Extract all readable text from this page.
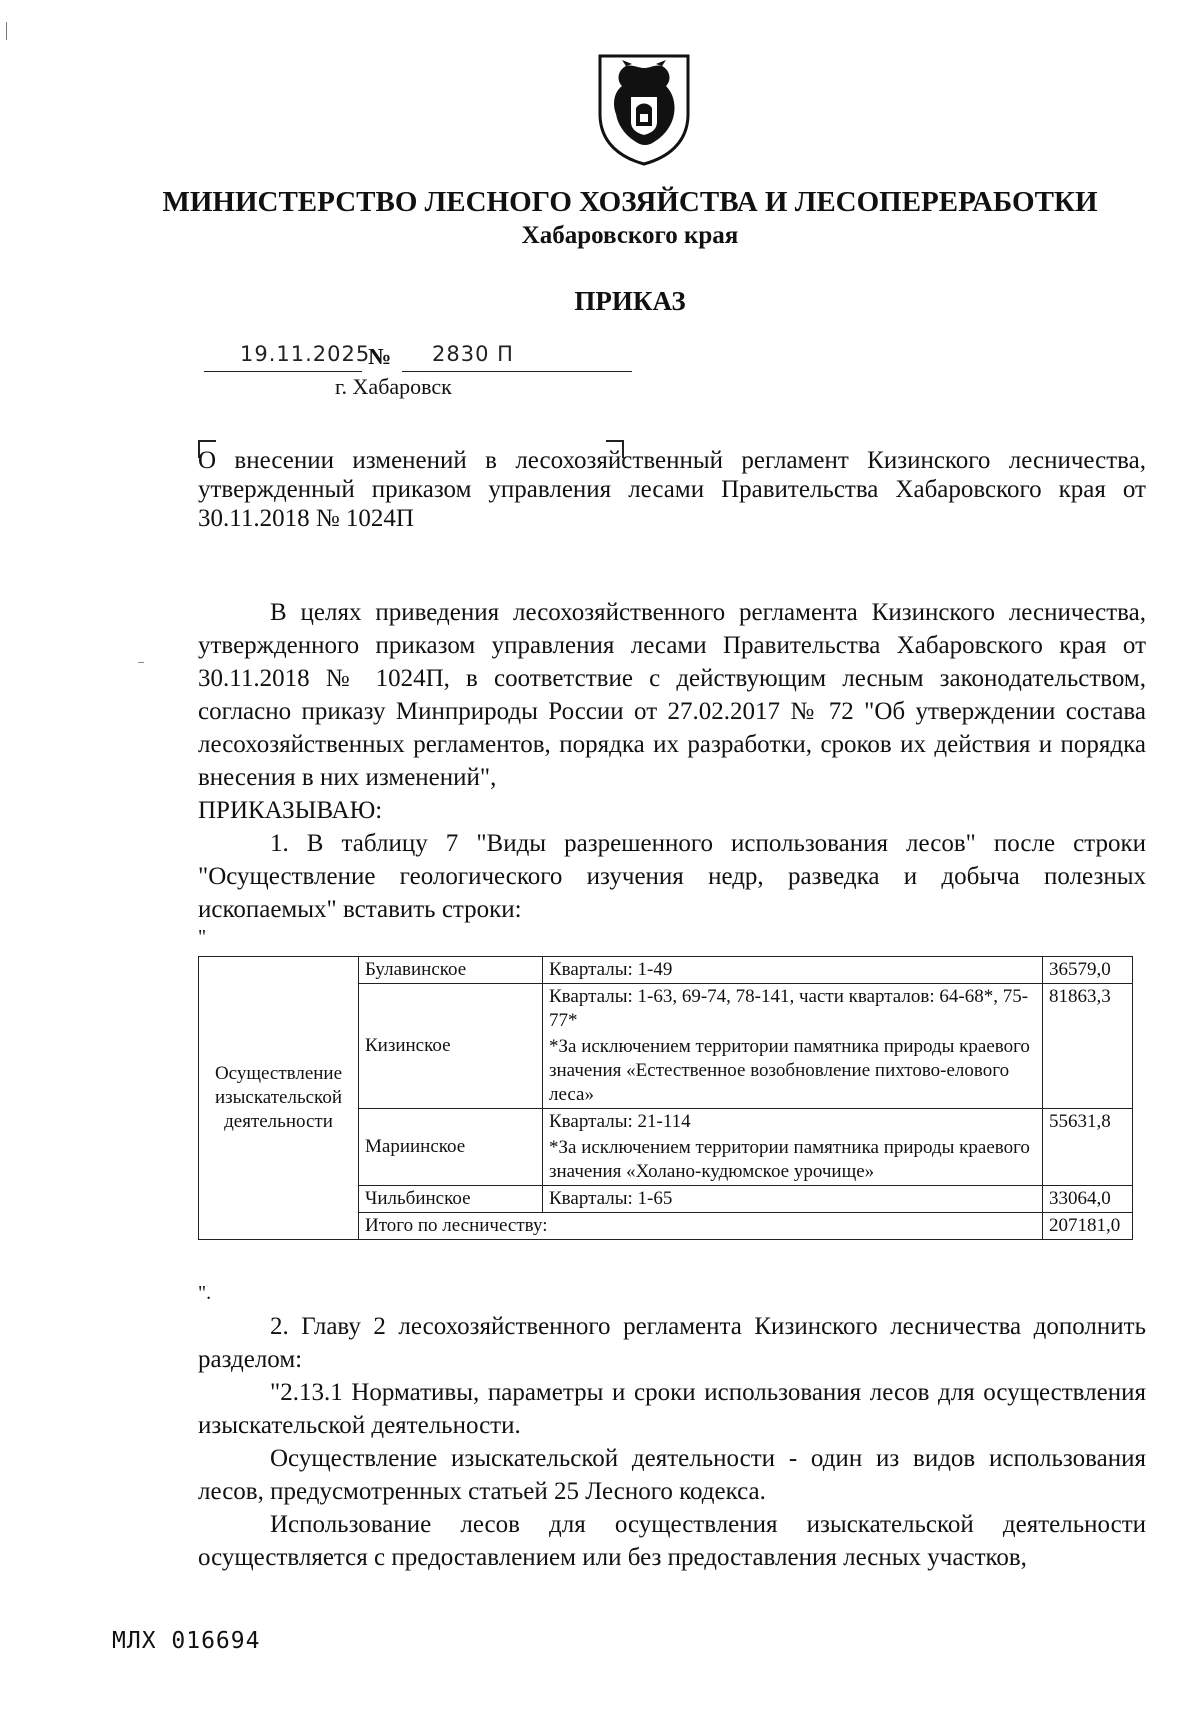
МИНИСТЕРСТВО ЛЕСНОГО ХОЗЯЙСТВА И ЛЕСОПЕРЕРАБОТКИ
Хабаровского края
ПРИКАЗ
19.11.2025
№ 2830 П
г. Хабаровск
О внесении изменений в лесохозяйственный регламент Кизинского лесничества, утвержденный приказом управления лесами Правительства Хабаровского края от 30.11.2018 № 1024П
В целях приведения лесохозяйственного регламента Кизинского лесничества, утвержденного приказом управления лесами Правительства Хабаровского края от 30.11.2018 № 1024П, в соответствие с действующим лесным законодательством, согласно приказу Минприроды России от 27.02.2017 № 72 "Об утверждении состава лесохозяйственных регламентов, порядка их разработки, сроков их действия и порядка внесения в них изменений",
ПРИКАЗЫВАЮ:
1. В таблицу 7 "Виды разрешенного использования лесов" после строки "Осуществление геологического изучения недр, разведка и добыча полезных ископаемых" вставить строки:
"
Осуществление изыскательской деятельности	Булавинское	Кварталы: 1-49	36579,0
	Кизинское	Кварталы: 1-63, 69-74, 78-141, части кварталов: 64-68*, 75-77*	81863,3
		*За исключением территории памятника природы краевого значения «Естественное возобновление пихтово-елового леса»	
	Мариинское	Кварталы: 21-114	55631,8
		*За исключением территории памятника природы краевого значения «Холано-кудюмское урочище»	
	Чильбинское	Кварталы: 1-65	33064,0
	Итого по лесничеству:		207181,0
".
2. Главу 2 лесохозяйственного регламента Кизинского лесничества дополнить разделом:
"2.13.1 Нормативы, параметры и сроки использования лесов для осуществления изыскательской деятельности.
Осуществление изыскательской деятельности - один из видов использования лесов, предусмотренных статьей 25 Лесного кодекса.
Использование лесов для осуществления изыскательской деятельности осуществляется с предоставлением или без предоставления лесных участков,
МЛХ 016694
